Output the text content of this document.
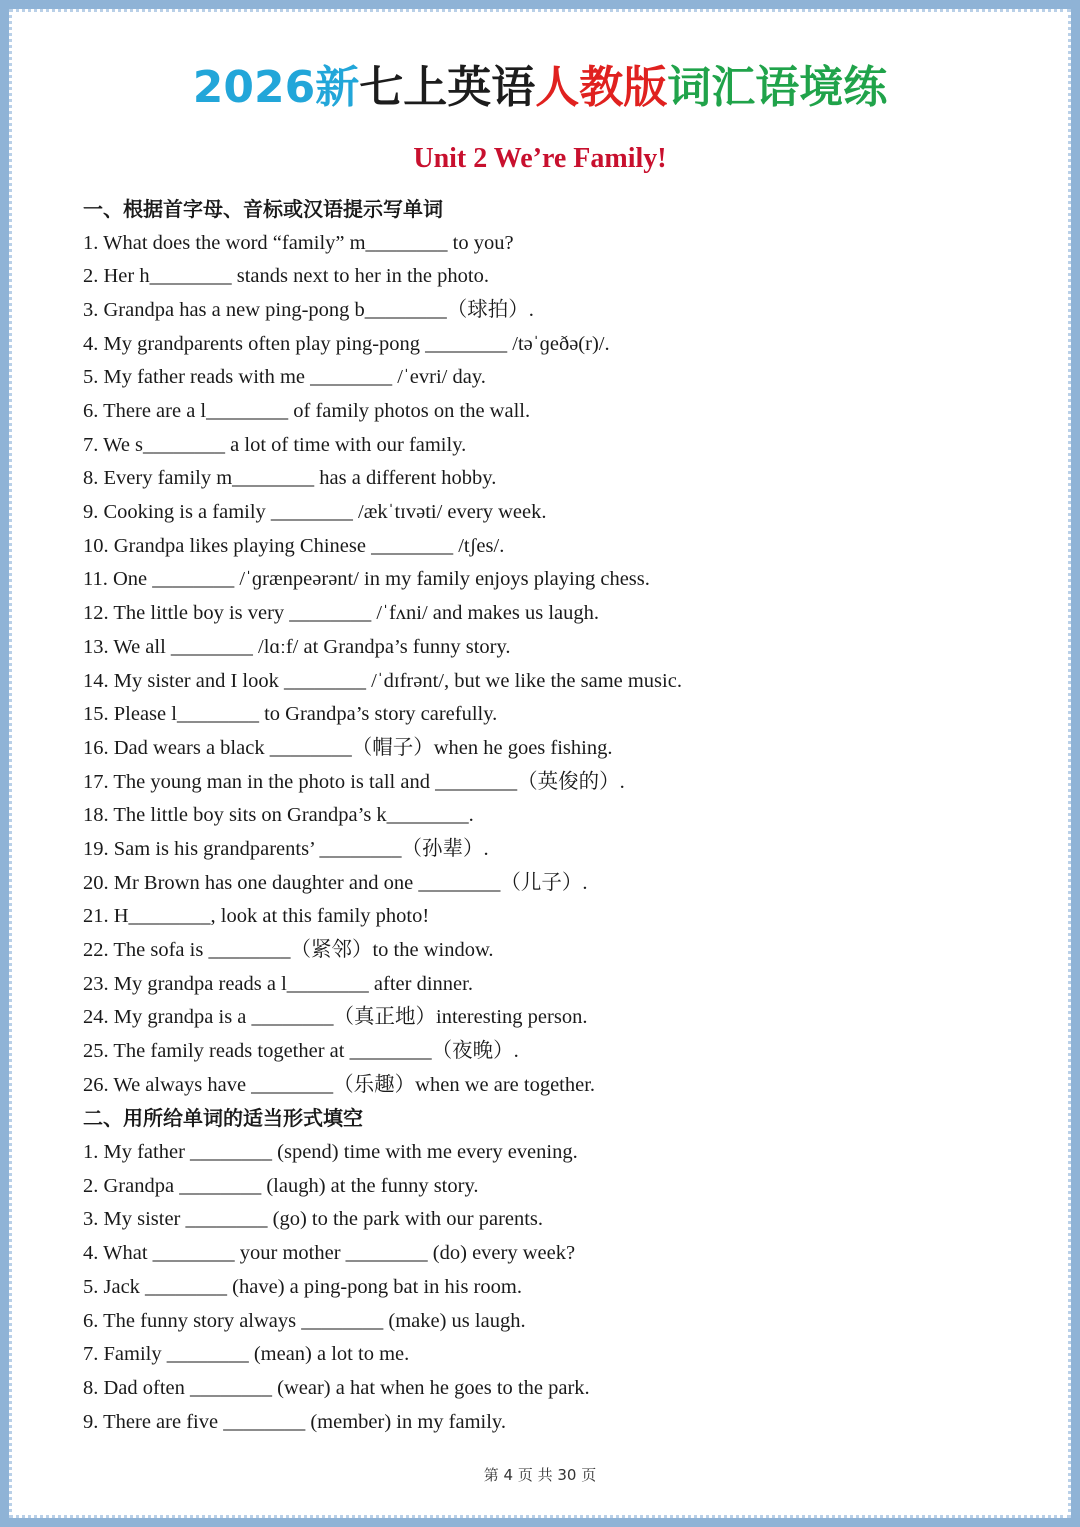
2026新七上英语人教版词汇语境练
Unit 2 We’re Family!
一、根据首字母、音标或汉语提示写单词
1. What does the word “family” m________ to you?
2. Her h________ stands next to her in the photo.
3. Grandpa has a new ping-pong b________（球拍）.
4. My grandparents often play ping-pong ________ /təˈɡeðə(r)/.
5. My father reads with me ________ /ˈevri/ day.
6. There are a l________ of family photos on the wall.
7. We s________ a lot of time with our family.
8. Every family m________ has a different hobby.
9. Cooking is a family ________ /ækˈtɪvəti/ every week.
10. Grandpa likes playing Chinese ________ /tʃes/.
11. One ________ /ˈɡrænpeərənt/ in my family enjoys playing chess.
12. The little boy is very ________ /ˈfʌni/ and makes us laugh.
13. We all ________ /lɑːf/ at Grandpa’s funny story.
14. My sister and I look ________ /ˈdɪfrənt/, but we like the same music.
15. Please l________ to Grandpa’s story carefully.
16. Dad wears a black ________（帽子）when he goes fishing.
17. The young man in the photo is tall and ________（英俊的）.
18. The little boy sits on Grandpa’s k________.
19. Sam is his grandparents’ ________（孙辈）.
20. Mr Brown has one daughter and one ________（儿子）.
21. H________, look at this family photo!
22. The sofa is ________（紧邻）to the window.
23. My grandpa reads a l________ after dinner.
24. My grandpa is a ________（真正地）interesting person.
25. The family reads together at ________（夜晚）.
26. We always have ________（乐趣）when we are together.
二、用所给单词的适当形式填空
1. My father ________ (spend) time with me every evening.
2. Grandpa ________ (laugh) at the funny story.
3. My sister ________ (go) to the park with our parents.
4. What ________ your mother ________ (do) every week?
5. Jack ________ (have) a ping-pong bat in his room.
6. The funny story always ________ (make) us laugh.
7. Family ________ (mean) a lot to me.
8. Dad often ________ (wear) a hat when he goes to the park.
9. There are five ________ (member) in my family.
第 4 页 共 30 页
